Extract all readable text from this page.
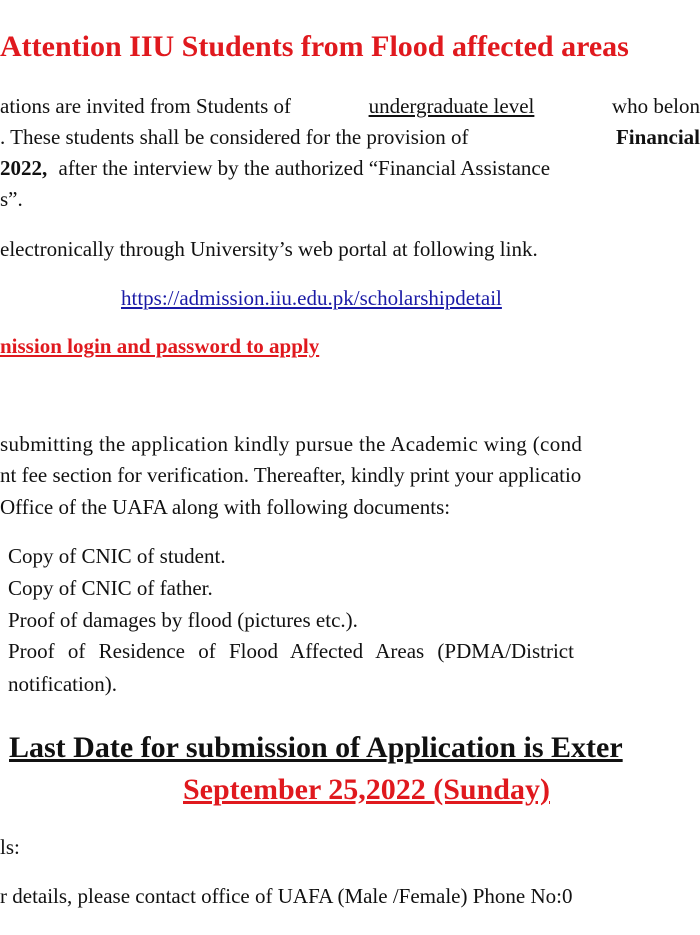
Attention IIU Students from Flood affected areas
ations are invited from Students of	undergraduate level	who belon
. These students shall be considered for the provision of	Financial
2022, after the interview by the authorized “Financial Assistance
s”.
electronically through University’s web portal at following link.
https://admission.iiu.edu.pk/scholarshipdetail
nission login and password to apply
submitting the application kindly pursue the Academic wing (cond
nt fee section for verification. Thereafter, kindly print your applicatio
Office of the UAFA along with following documents:
Copy of CNIC of student.
Copy of CNIC of father.
Proof of damages by flood (pictures etc.).
Proof of Residence of Flood Affected Areas (PDMA/District
notification).
Last Date for submission of Application is Exter
September 25,2022 (Sunday)
ls:
r details, please contact office of UAFA (Male /Female) Phone No:0
